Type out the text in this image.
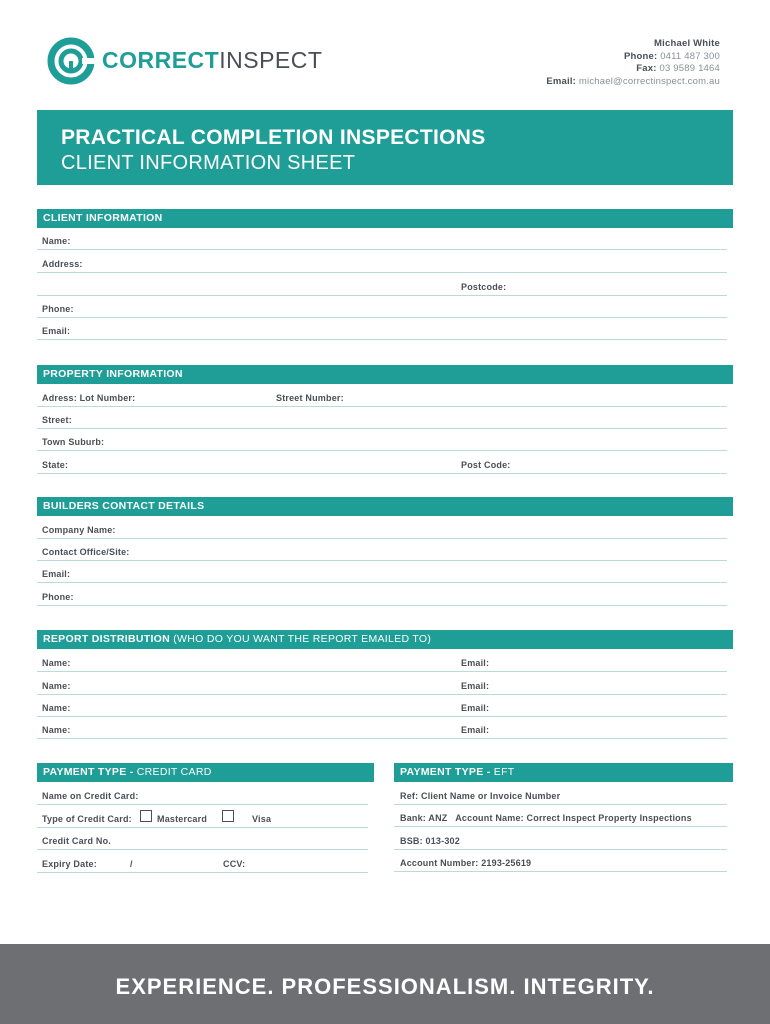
CORRECTINSPECT
Michael White
Phone: 0411 487 300
Fax: 03 9589 1464
Email: michael@correctinspect.com.au
PRACTICAL COMPLETION INSPECTIONS
CLIENT INFORMATION SHEET
CLIENT INFORMATION
Name:
Address:
Postcode:
Phone:
Email:
PROPERTY INFORMATION
Adress: Lot Number:	Street Number:
Street:
Town Suburb:
State:	Post Code:
BUILDERS CONTACT DETAILS
Company Name:
Contact Office/Site:
Email:
Phone:
REPORT DISTRIBUTION (WHO DO YOU WANT THE REPORT EMAILED TO)
Name:	Email:
Name:	Email:
Name:	Email:
Name:	Email:
PAYMENT TYPE - CREDIT CARD
Name on Credit Card:
Type of Credit Card:	Mastercard	Visa
Credit Card No.
Expiry Date:	/	CCV:
PAYMENT TYPE - EFT
Ref: Client Name or Invoice Number
Bank: ANZ   Account Name: Correct Inspect Property Inspections
BSB: 013-302
Account Number: 2193-25619
EXPERIENCE. PROFESSIONALISM. INTEGRITY.
